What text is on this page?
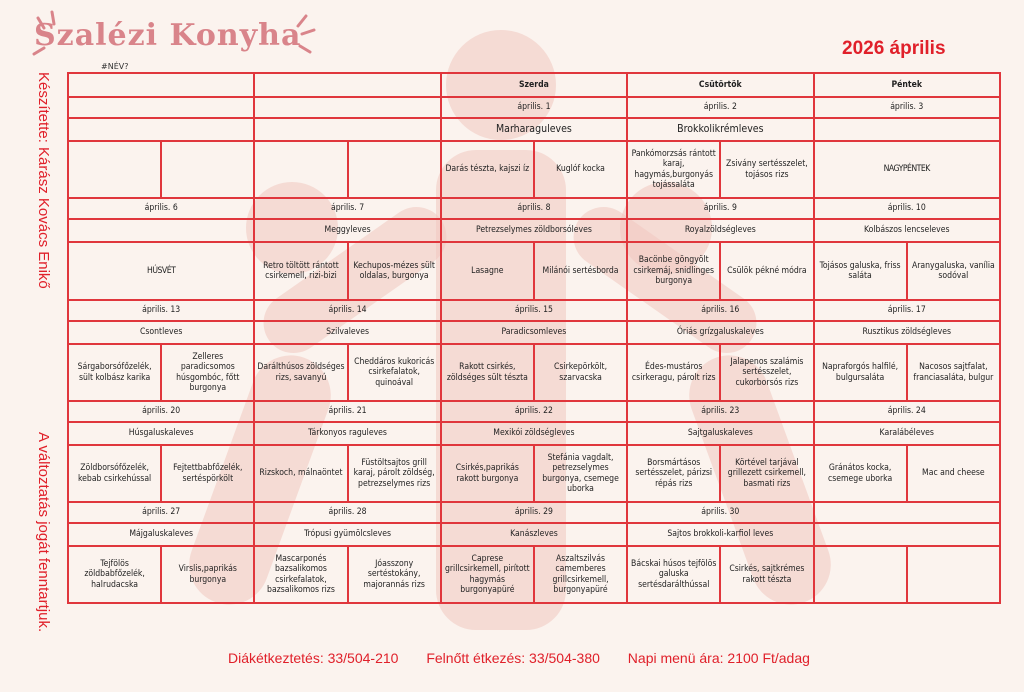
Szalézi Konyha	2026 április
#NÉV?
Készítette: Kárász Kovács Enikő
A változtatás jogát fenntartjuk.
				Szerda		Csütörtök		Péntek	
				április. 1		április. 2		április. 3	
				Marharaguleves		Brokkolikrémleves			
				Darás tészta, kajszi íz	Kuglóf kocka	Pankómorzsás rántott karaj, hagymás,burgonyás tojássaláta	Zsivány sertésszelet, tojásos rizs	NAGYPÉNTEK	
április. 6		április. 7		április. 8		április. 9		április. 10	
		Meggyleves		Petrezselymes zöldborsóleves		Royalzöldségleves		Kolbászos lencseleves	
HÚSVÉT		Retro töltött rántott csirkemell, rizi-bizi	Kechupos-mézes sült oldalas, burgonya	Lasagne	Milánói sertésborda	Bacönbe göngyölt csirkemáj, snidlinges burgonya	Csülök pékné módra	Tojásos galuska, friss saláta	Aranygaluska, vanília sodóval
április. 13		április. 14		április. 15		április. 16		április. 17	
Csontleves		Szilvaleves		Paradicsomleves		Óriás grízgaluskaleves		Rusztikus zöldségleves	
Sárgaborsófőzelék, sült kolbász karika	Zelleres paradicsomos húsgombóc, főtt burgonya	Darálthúsos zöldséges rizs, savanyú	Cheddáros kukoricás csirkefalatok, quinoával	Rakott csirkés, zöldséges sült tészta	Csirkepörkölt, szarvacska	Édes-mustáros csirkeragu, párolt rizs	Jalapenos szalámis sertésszelet, cukorborsós rizs	Napraforgós halfilé, bulgursaláta	Nacosos sajtfalat, franciasaláta, bulgur
április. 20		április. 21		április. 22		április. 23		április. 24	
Húsgaluskaleves		Tárkonyos raguleves		Mexikói zöldségleves		Sajtgaluskaleves		Karalábéleves	
Zöldborsófőzelék, kebab csirkehússal	Fejtettbabfőzelék, sertéspörkölt	Rizskoch, málnaöntet	Füstöltsajtos grill karaj, párolt zöldség, petrezselymes rizs	Csirkés,paprikás rakott burgonya	Stefánia vagdalt, petrezselymes burgonya, csemege uborka	Borsmártásos sertésszelet, párizsi répás rizs	Körtével tarjával grillezett csirkemell, basmati rizs	Gránátos kocka, csemege uborka	Mac and cheese
április. 27		április. 28		április. 29		április. 30			
Májgaluskaleves		Trópusi gyümölcsleves		Kanászleves		Sajtos brokkoli-karfiol leves			
Tejfölös zöldbabfőzelék, halrudacska	Virslis,paprikás burgonya	Mascarponés bazsalikomos csirkefalatok, bazsalikomos rizs	Jóasszony sertéstokány, majorannás rizs	Caprese grillcsirkemell, pirított hagymás burgonyapüré	Aszaltszilvás camemberes grillcsirkemell, burgonyapüré	Bácskai húsos tejfölös galuska sertésdarálthússal	Csirkés, sajtkrémes rakott tészta		
Diákétkeztetés: 33/504-210 Felnőtt étkezés: 33/504-380 Napi menü ára: 2100 Ft/adag
